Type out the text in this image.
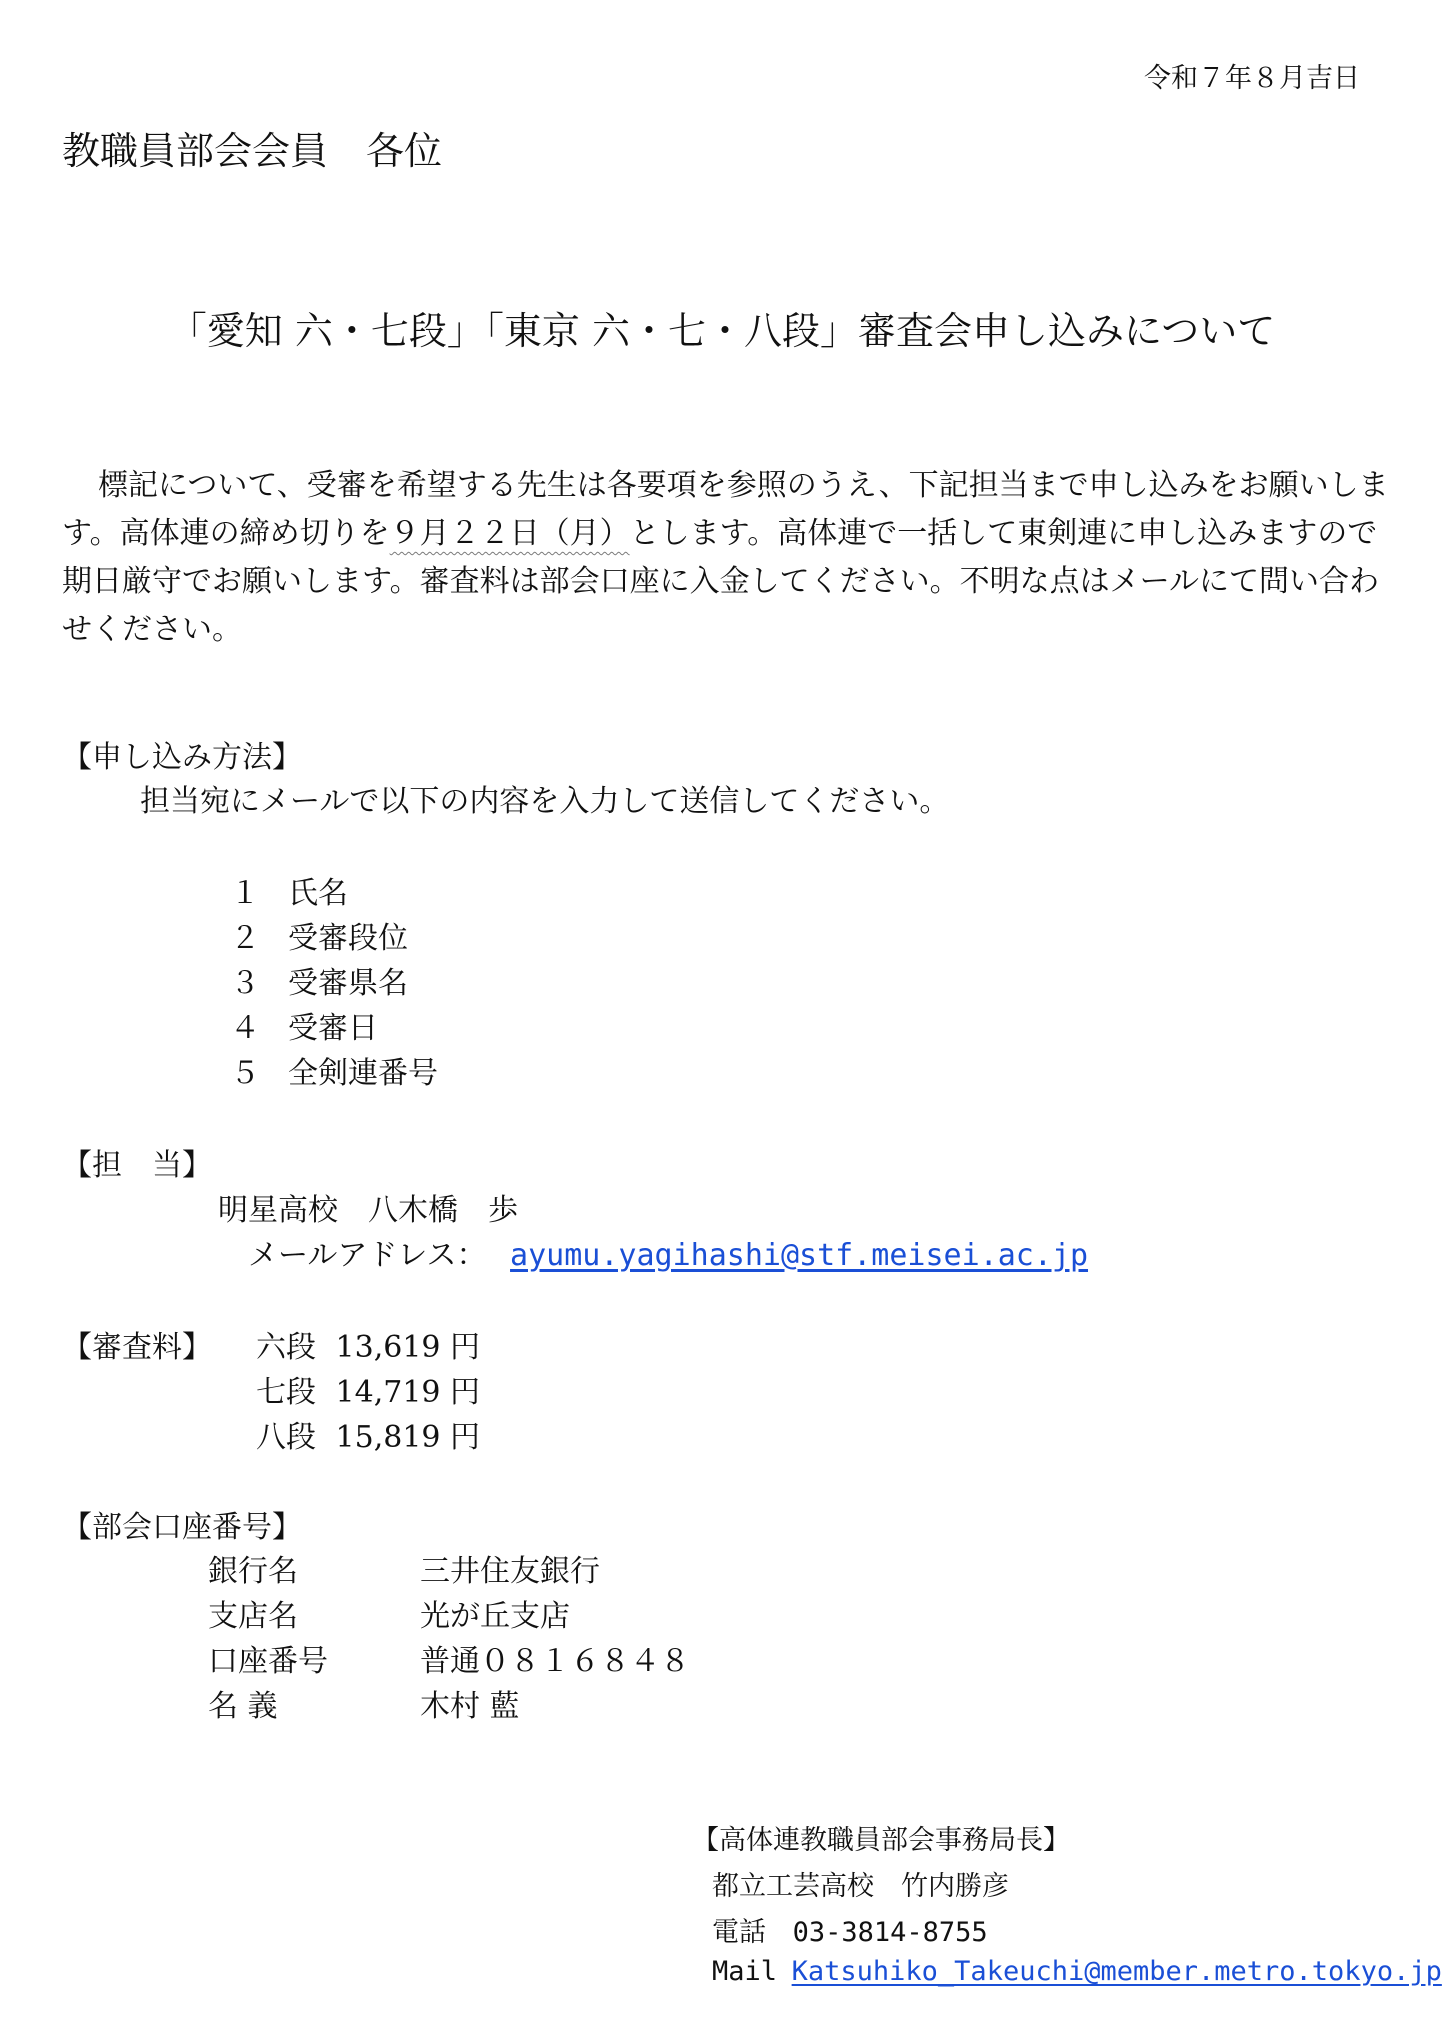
令和７年８月吉日
教職員部会会員　各位
「愛知 六・七段」「東京 六・七・八段」審査会申し込みについて
標記について、受審を希望する先生は各要項を参照のうえ、下記担当まで申し込みをお願いします。高体連の締め切りを９月２２日（月）とします。高体連で一括して東剣連に申し込みますので期日厳守でお願いします。審査料は部会口座に入金してください。不明な点はメールにて問い合わせください。
【申し込み方法】
担当宛にメールで以下の内容を入力して送信してください。
１ 氏名
２ 受審段位
３ 受審県名
４ 受審日
５ 全剣連番号
【担　当】
明星高校　八木橋　歩
メールアドレス： ayumu.yagihashi@stf.meisei.ac.jp
【審査料】 六段 13,619 円
七段 14,719 円
八段 15,819 円
【部会口座番号】
銀行名	三井住友銀行
支店名	光が丘支店
口座番号	普通０８１６８４８
名 義	木村 藍
【高体連教職員部会事務局長】
都立工芸高校　竹内勝彦
電話 03-3814-8755
Mail Katsuhiko_Takeuchi@member.metro.tokyo.jp
